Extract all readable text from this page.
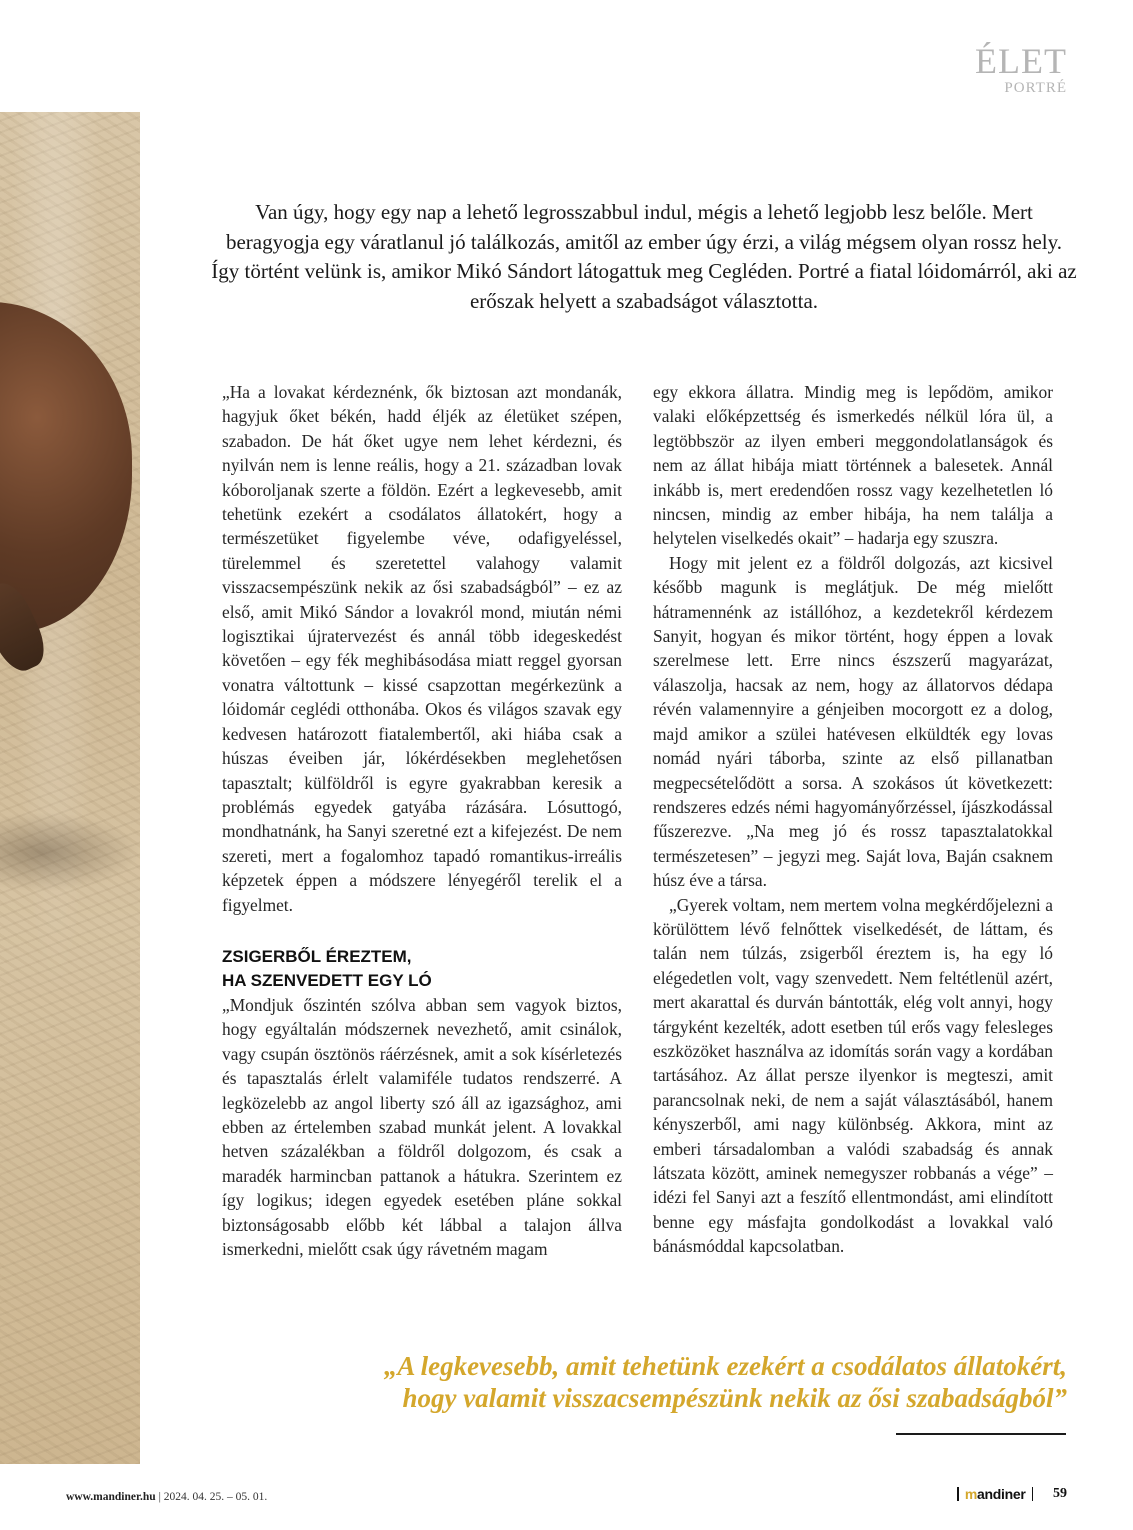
ÉLET
PORTRÉ
Van úgy, hogy egy nap a lehető legrosszabbul indul, mégis a lehető legjobb lesz belőle. Mert beragyogja egy váratlanul jó találkozás, amitől az ember úgy érzi, a világ mégsem olyan rossz hely. Így történt velünk is, amikor Mikó Sándort látogattuk meg Cegléden. Portré a fiatal lóidomárról, aki az erőszak helyett a szabadságot választotta.

„Ha a lovakat kérdeznénk, ők biztosan azt mondanák, hagyjuk őket békén, hadd éljék az életüket szépen, szabadon. De hát őket ugye nem lehet kérdezni, és nyilván nem is lenne reális, hogy a 21. században lovak kóboroljanak szerte a földön. Ezért a legkevesebb, amit tehetünk ezekért a csodálatos állatokért, hogy a természetüket figyelembe véve, odafigyeléssel, türelemmel és szeretettel valahogy valamit visszacsempészünk nekik az ősi szabadságból” – ez az első, amit Mikó Sándor a lovakról mond, miután némi logisztikai újratervezést és annál több idegeskedést követően – egy fék meghibásodása miatt reggel gyorsan vonatra váltottunk – kissé csapzottan megérkezünk a lóidomár ceglédi otthonába. Okos és világos szavak egy kedvesen határozott fiatalembertől, aki hiába csak a húszas éveiben jár, lókérdésekben meglehetősen tapasztalt; külföldről is egyre gyakrabban keresik a problémás egyedek gatyába rázására. Lósuttogó, mondhatnánk, ha Sanyi szeretné ezt a kifejezést. De nem szereti, mert a fogalomhoz tapadó romantikus-irreális képzetek éppen a módszere lényegéről terelik el a figyelmet.

ZSIGERBŐL ÉREZTEM,
HA SZENVEDETT EGY LÓ

„Mondjuk őszintén szólva abban sem vagyok biztos, hogy egyáltalán módszernek nevezhető, amit csinálok, vagy csupán ösztönös ráérzésnek, amit a sok kísérletezés és tapasztalás érlelt valamiféle tudatos rendszerré. A legközelebb az angol liberty szó áll az igazsághoz, ami ebben az értelemben szabad munkát jelent. A lovakkal hetven százalékban a földről dolgozom, és csak a maradék harmincban pattanok a hátukra. Szerintem ez így logikus; idegen egyedek esetében pláne sokkal biztonságosabb előbb két lábbal a talajon állva ismerkedni, mielőtt csak úgy rávetném magam

egy ekkora állatra. Mindig meg is lepődöm, amikor valaki előképzettség és ismerkedés nélkül lóra ül, a legtöbbször az ilyen emberi meggondolatlanságok és nem az állat hibája miatt történnek a balesetek. Annál inkább is, mert eredendően rossz vagy kezelhetetlen ló nincsen, mindig az ember hibája, ha nem találja a helytelen viselkedés okait” – hadarja egy szuszra.

Hogy mit jelent ez a földről dolgozás, azt kicsivel később magunk is meglátjuk. De még mielőtt hátramennénk az istállóhoz, a kezdetekről kérdezem Sanyit, hogyan és mikor történt, hogy éppen a lovak szerelmese lett. Erre nincs észszerű magyarázat, válaszolja, hacsak az nem, hogy az állatorvos dédapa révén valamennyire a génjeiben mocorgott ez a dolog, majd amikor a szülei hatévesen elküldték egy lovas nomád nyári táborba, szinte az első pillanatban megpecsételődött a sorsa. A szokásos út következett: rendszeres edzés némi hagyományőrzéssel, íjászkodással fűszerezve. „Na meg jó és rossz tapasztalatokkal természetesen” – jegyzi meg. Saját lova, Baján csaknem húsz éve a társa.

„Gyerek voltam, nem mertem volna megkérdőjelezni a körülöttem lévő felnőttek viselkedését, de láttam, és talán nem túlzás, zsigerből éreztem is, ha egy ló elégedetlen volt, vagy szenvedett. Nem feltétlenül azért, mert akarattal és durván bántották, elég volt annyi, hogy tárgyként kezelték, adott esetben túl erős vagy felesleges eszközöket használva az idomítás során vagy a kordában tartásához. Az állat persze ilyenkor is megteszi, amit parancsolnak neki, de nem a saját választásából, hanem kényszerből, ami nagy különbség. Akkora, mint az emberi társadalomban a valódi szabadság és annak látszata között, aminek nemegyszer robbanás a vége” – idézi fel Sanyi azt a feszítő ellentmondást, ami elindított benne egy másfajta gondolkodást a lovakkal való bánásmóddal kapcsolatban.

„A legkevesebb, amit tehetünk ezekért a csodálatos állatokért,
hogy valamit visszacsempészünk nekik az ősi szabadságból”
www.mandiner.hu | 2024. 04. 25. – 05. 01.	mandiner 59
